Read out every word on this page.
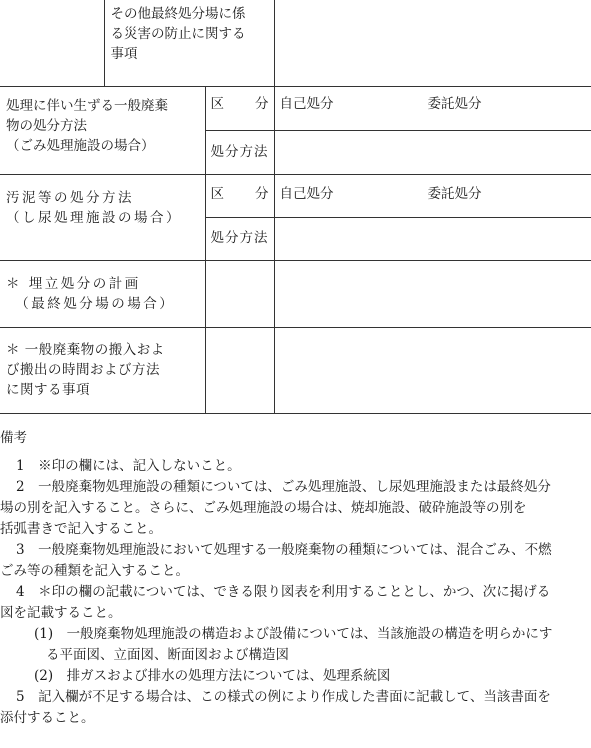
	その他最終処分場に係
る災害の防止に関する
事項		

処理に伴い生ずる一般廃棄
物の処分方法
（ごみ処理施設の場合）		区 分	自己処分 委託処分

処分方法	

汚泥等の処分方法
（し尿処理施設の場合）		区 分	自己処分 委託処分

処分方法	

＊ 埋立処分の計画
　（最終処分場の場合）			

＊ 一般廃棄物の搬入およ
び搬出の時間および方法
に関する事項			

備考
1　※印の欄には、記入しないこと。
2　一般廃棄物処理施設の種類については、ごみ処理施設、し尿処理施設または最終処分
場の別を記入すること。さらに、ごみ処理施設の場合は、焼却施設、破砕施設等の別を
括弧書きで記入すること。
3　一般廃棄物処理施設において処理する一般廃棄物の種類については、混合ごみ、不燃
ごみ等の種類を記入すること。
4　＊印の欄の記載については、できる限り図表を利用することとし、かつ、次に掲げる
図を記載すること。
(1)　一般廃棄物処理施設の構造および設備については、当該施設の構造を明らかにす
る平面図、立面図、断面図および構造図
(2)　排ガスおよび排水の処理方法については、処理系統図
5　記入欄が不足する場合は、この様式の例により作成した書面に記載して、当該書面を
添付すること。
